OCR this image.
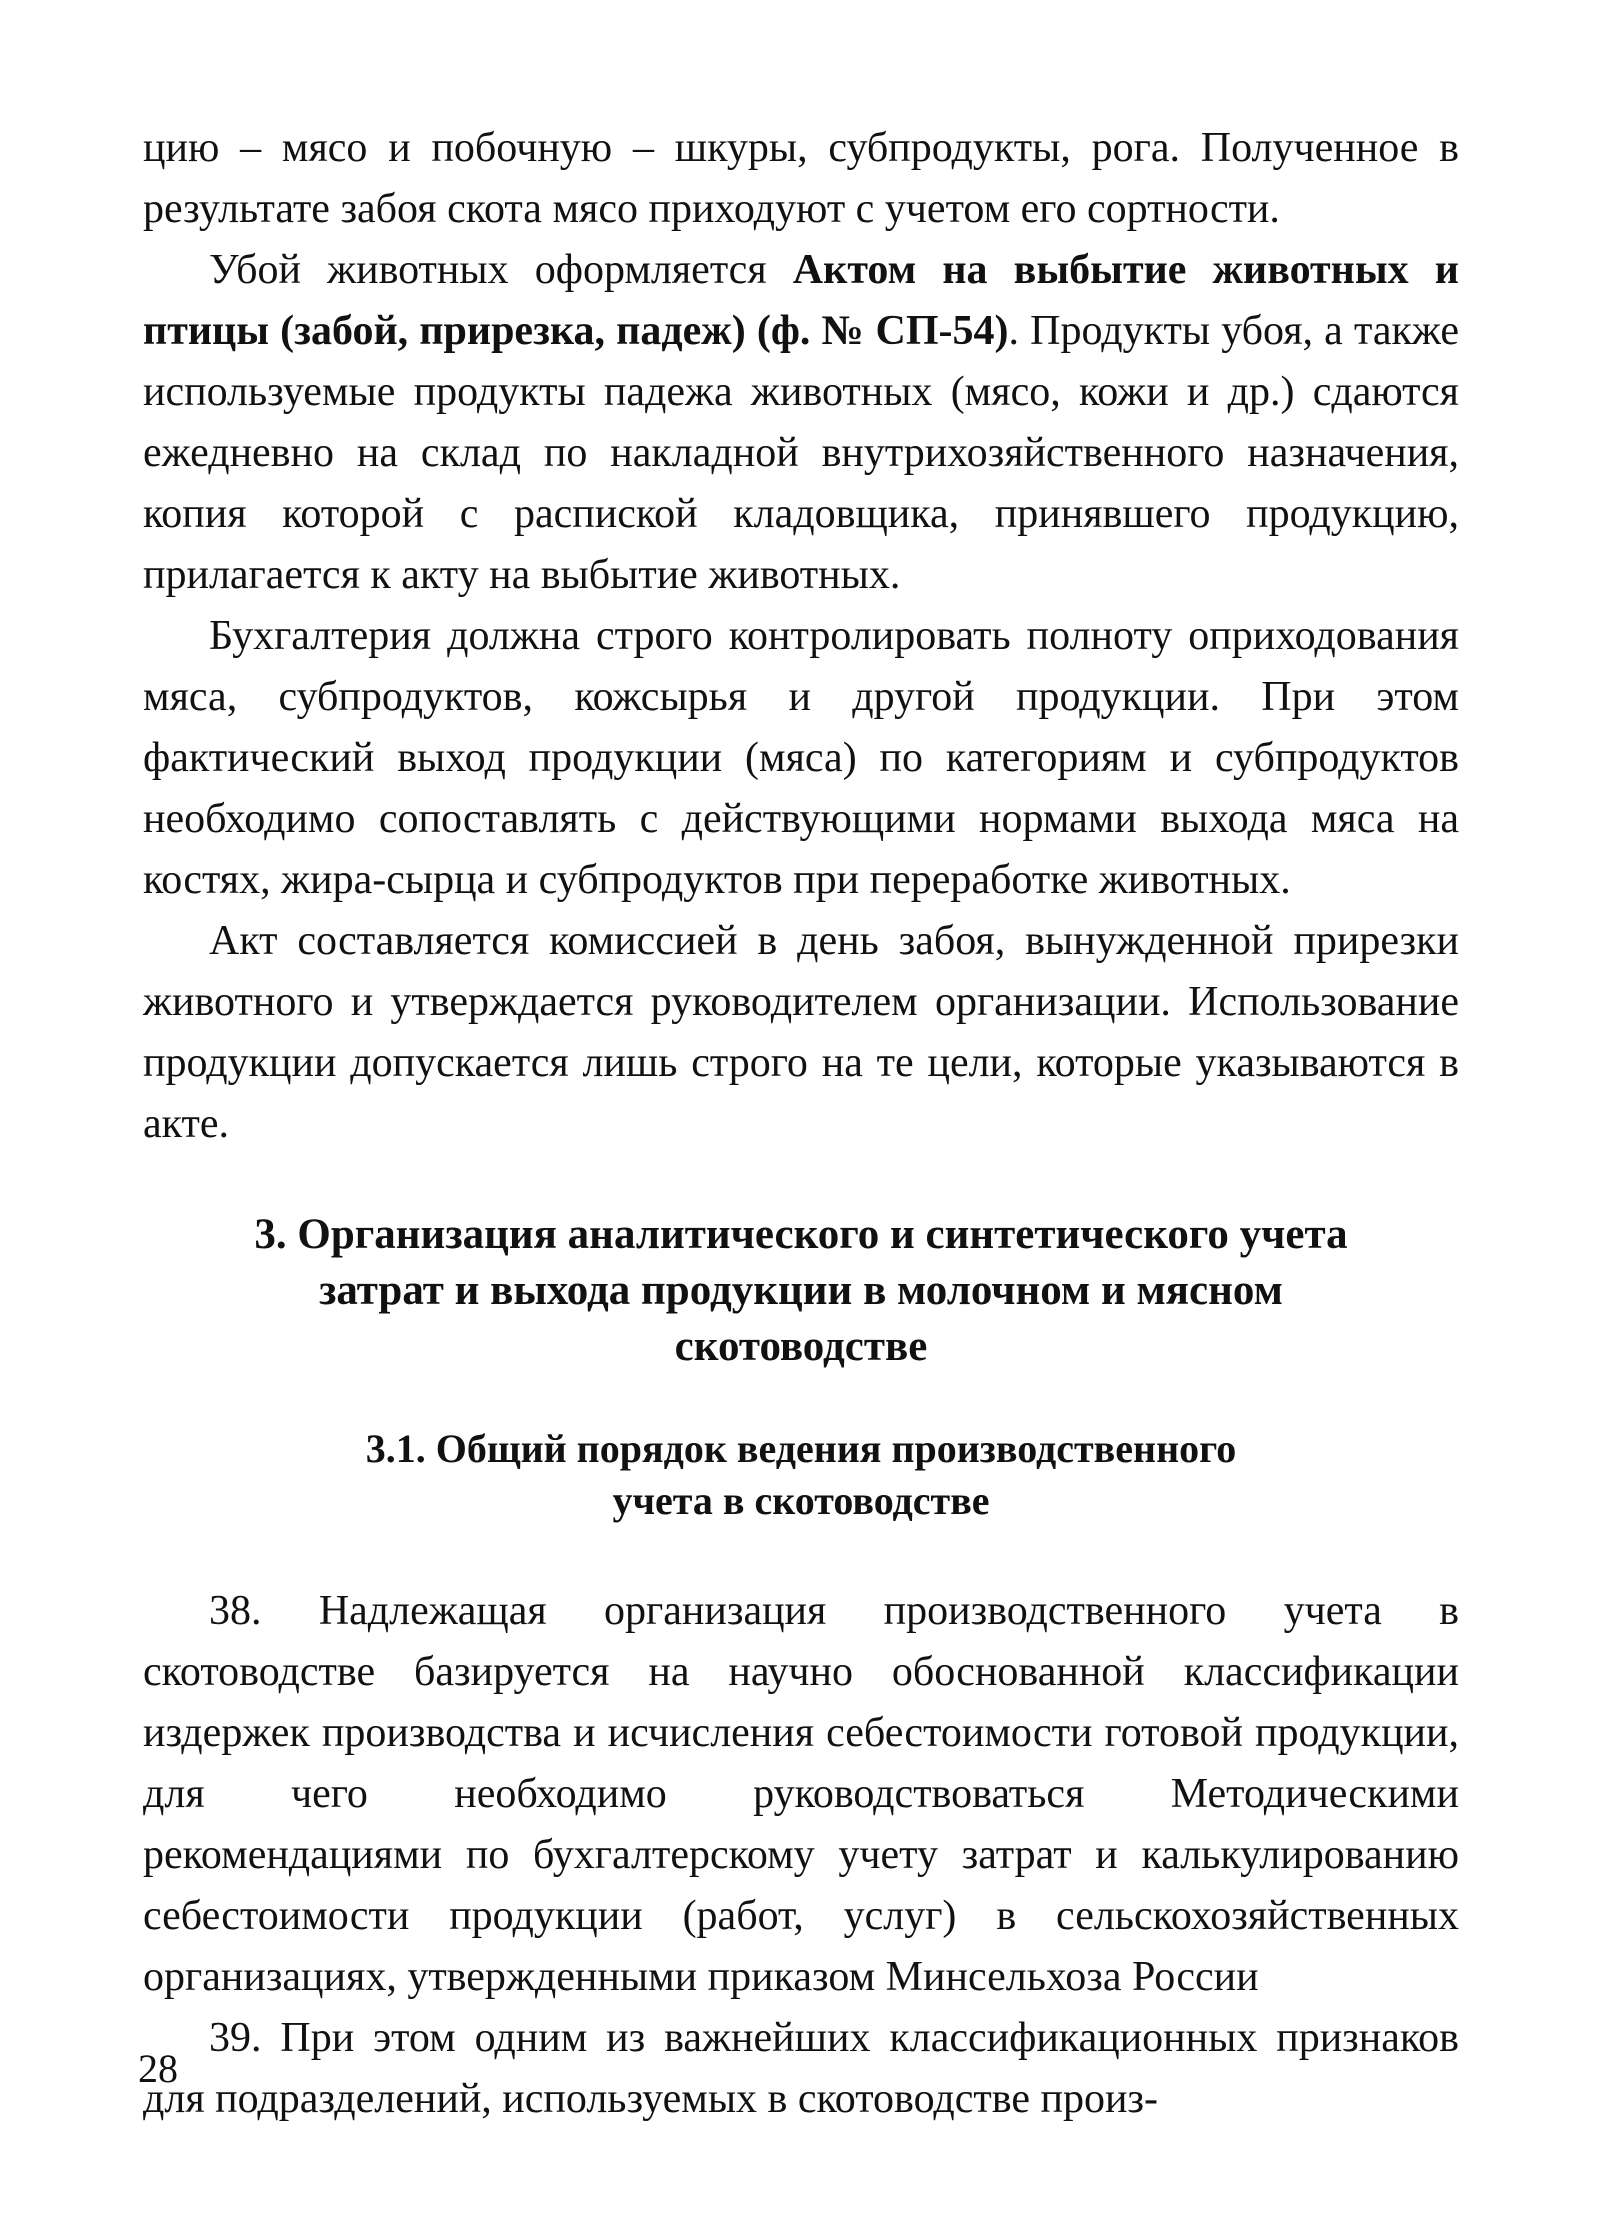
цию – мясо и побочную – шкуры, субпродукты, рога. Полученное в результате забоя скота мясо приходуют с учетом его сортности.

Убой животных оформляется Актом на выбытие животных и птицы (забой, прирезка, падеж) (ф. № СП-54). Продукты убоя, а также используемые продукты падежа животных (мясо, кожи и др.) сдаются ежедневно на склад по накладной внутрихозяйственного назначения, копия которой с распиской кладовщика, принявшего продукцию, прилагается к акту на выбытие животных.

Бухгалтерия должна строго контролировать полноту оприходования мяса, субпродуктов, кожсырья и другой продукции. При этом фактический выход продукции (мяса) по категориям и субпродуктов необходимо сопоставлять с действующими нормами выхода мяса на костях, жира-сырца и субпродуктов при переработке животных.

Акт составляется комиссией в день забоя, вынужденной прирезки животного и утверждается руководителем организации. Использование продукции допускается лишь строго на те цели, которые указываются в акте.

3. Организация аналитического и синтетического учета
затрат и выхода продукции в молочном и мясном
скотоводстве
3.1. Общий порядок ведения производственного
учета в скотоводстве

38. Надлежащая организация производственного учета в скотоводстве базируется на научно обоснованной классификации издержек производства и исчисления себестоимости готовой продукции, для чего необходимо руководствоваться Методическими рекомендациями по бухгалтерскому учету затрат и калькулированию себестоимости продукции (работ, услуг) в сельскохозяйственных организациях, утвержденными приказом Минсельхоза России

39. При этом одним из важнейших классификационных признаков для подразделений, используемых в скотоводстве произ-

28
